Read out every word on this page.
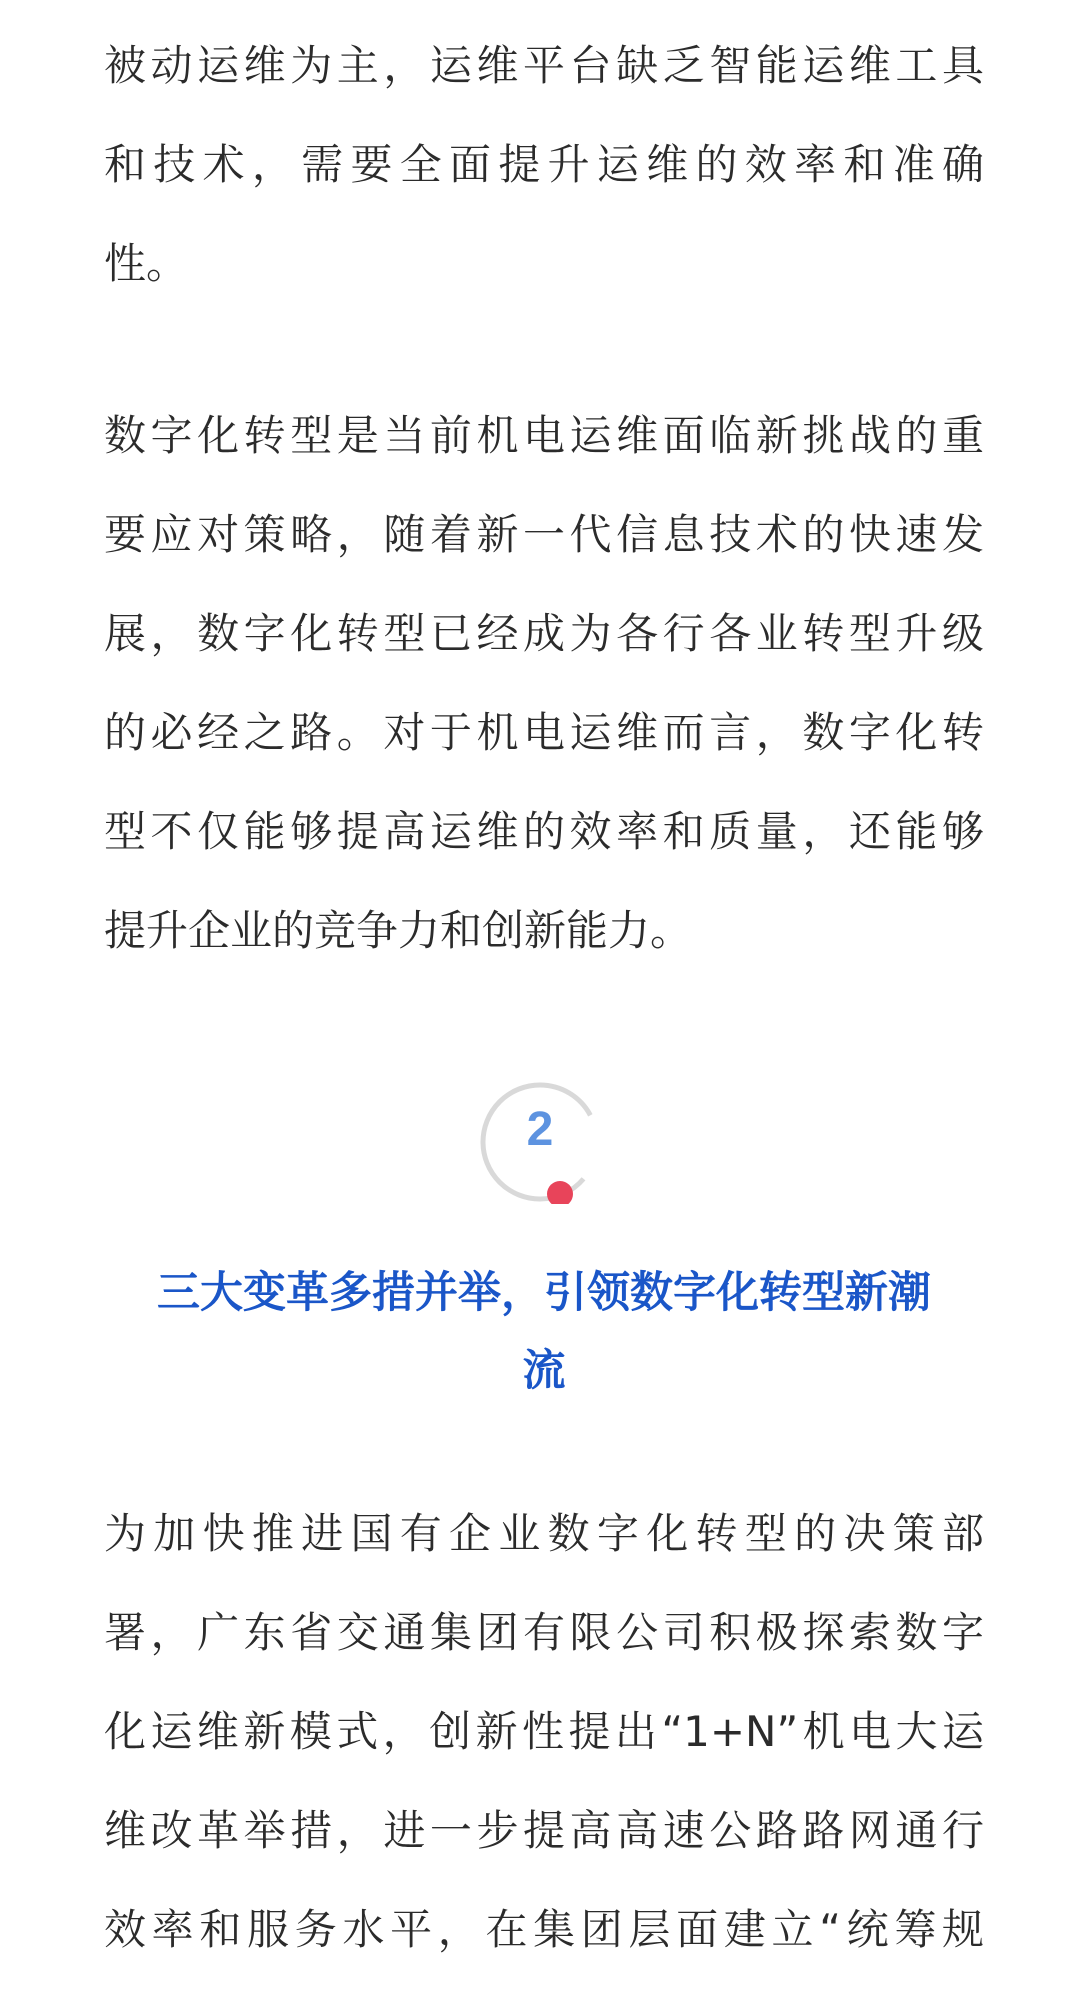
被动运维为主，运维平台缺乏智能运维工具
和技术，需要全面提升运维的效率和准确
性。

数字化转型是当前机电运维面临新挑战的重
要应对策略，随着新一代信息技术的快速发
展，数字化转型已经成为各行各业转型升级
的必经之路。对于机电运维而言，数字化转
型不仅能够提高运维的效率和质量，还能够
提升企业的竞争力和创新能力。

2
三大变革多措并举，引领数字化转型新潮
流

为加快推进国有企业数字化转型的决策部
署，广东省交通集团有限公司积极探索数字
化运维新模式，创新性提出“1+N”机电大运
维改革举措，进一步提高高速公路路网通行
效率和服务水平，在集团层面建立“统筹规
